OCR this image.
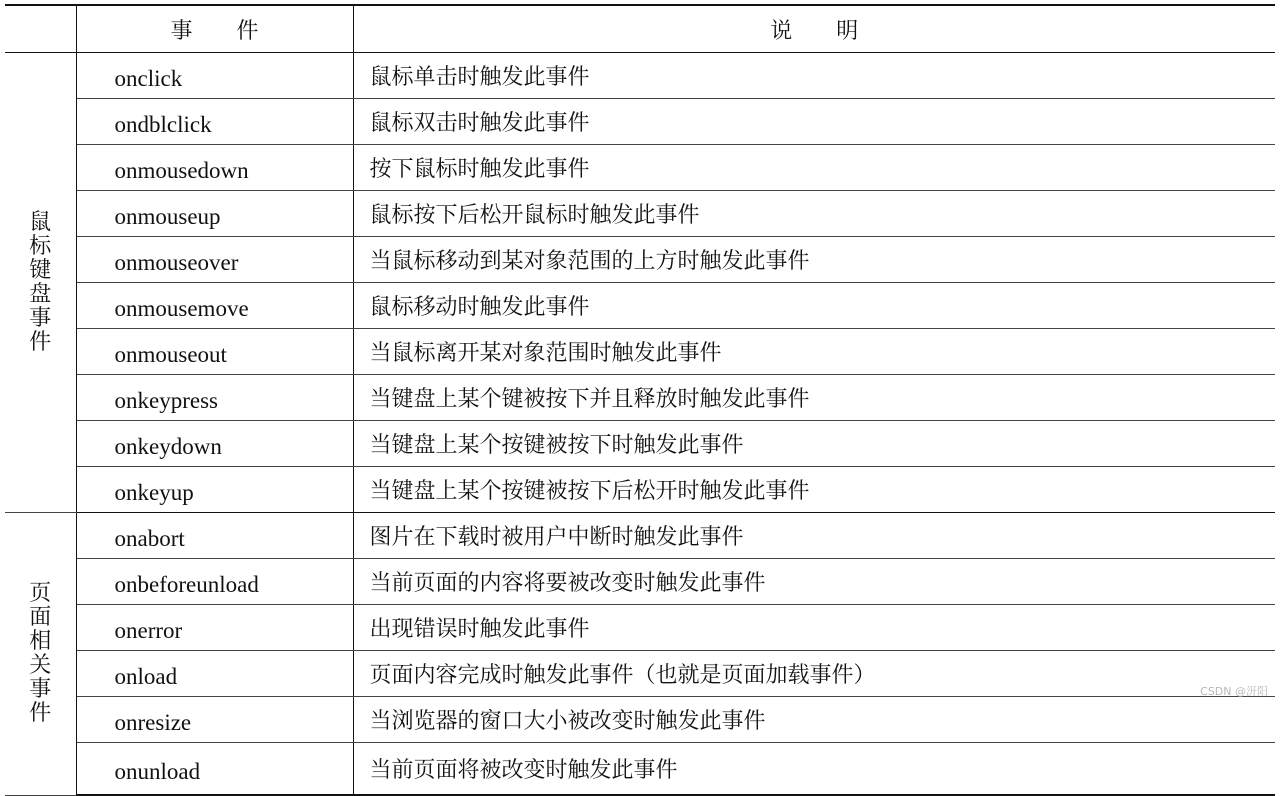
	事　　件	说　　明
鼠标键盘事件	onclick	鼠标单击时触发此事件
	ondblclick	鼠标双击时触发此事件
	onmousedown	按下鼠标时触发此事件
	onmouseup	鼠标按下后松开鼠标时触发此事件
	onmouseover	当鼠标移动到某对象范围的上方时触发此事件
	onmousemove	鼠标移动时触发此事件
	onmouseout	当鼠标离开某对象范围时触发此事件
	onkeypress	当键盘上某个键被按下并且释放时触发此事件
	onkeydown	当键盘上某个按键被按下时触发此事件
	onkeyup	当键盘上某个按键被按下后松开时触发此事件
页面相关事件	onabort	图片在下载时被用户中断时触发此事件
	onbeforeunload	当前页面的内容将要被改变时触发此事件
	onerror	出现错误时触发此事件
	onload	页面内容完成时触发此事件（也就是页面加载事件）
	onresize	当浏览器的窗口大小被改变时触发此事件
	onunload	当前页面将被改变时触发此事件
CSDN @汧阳
